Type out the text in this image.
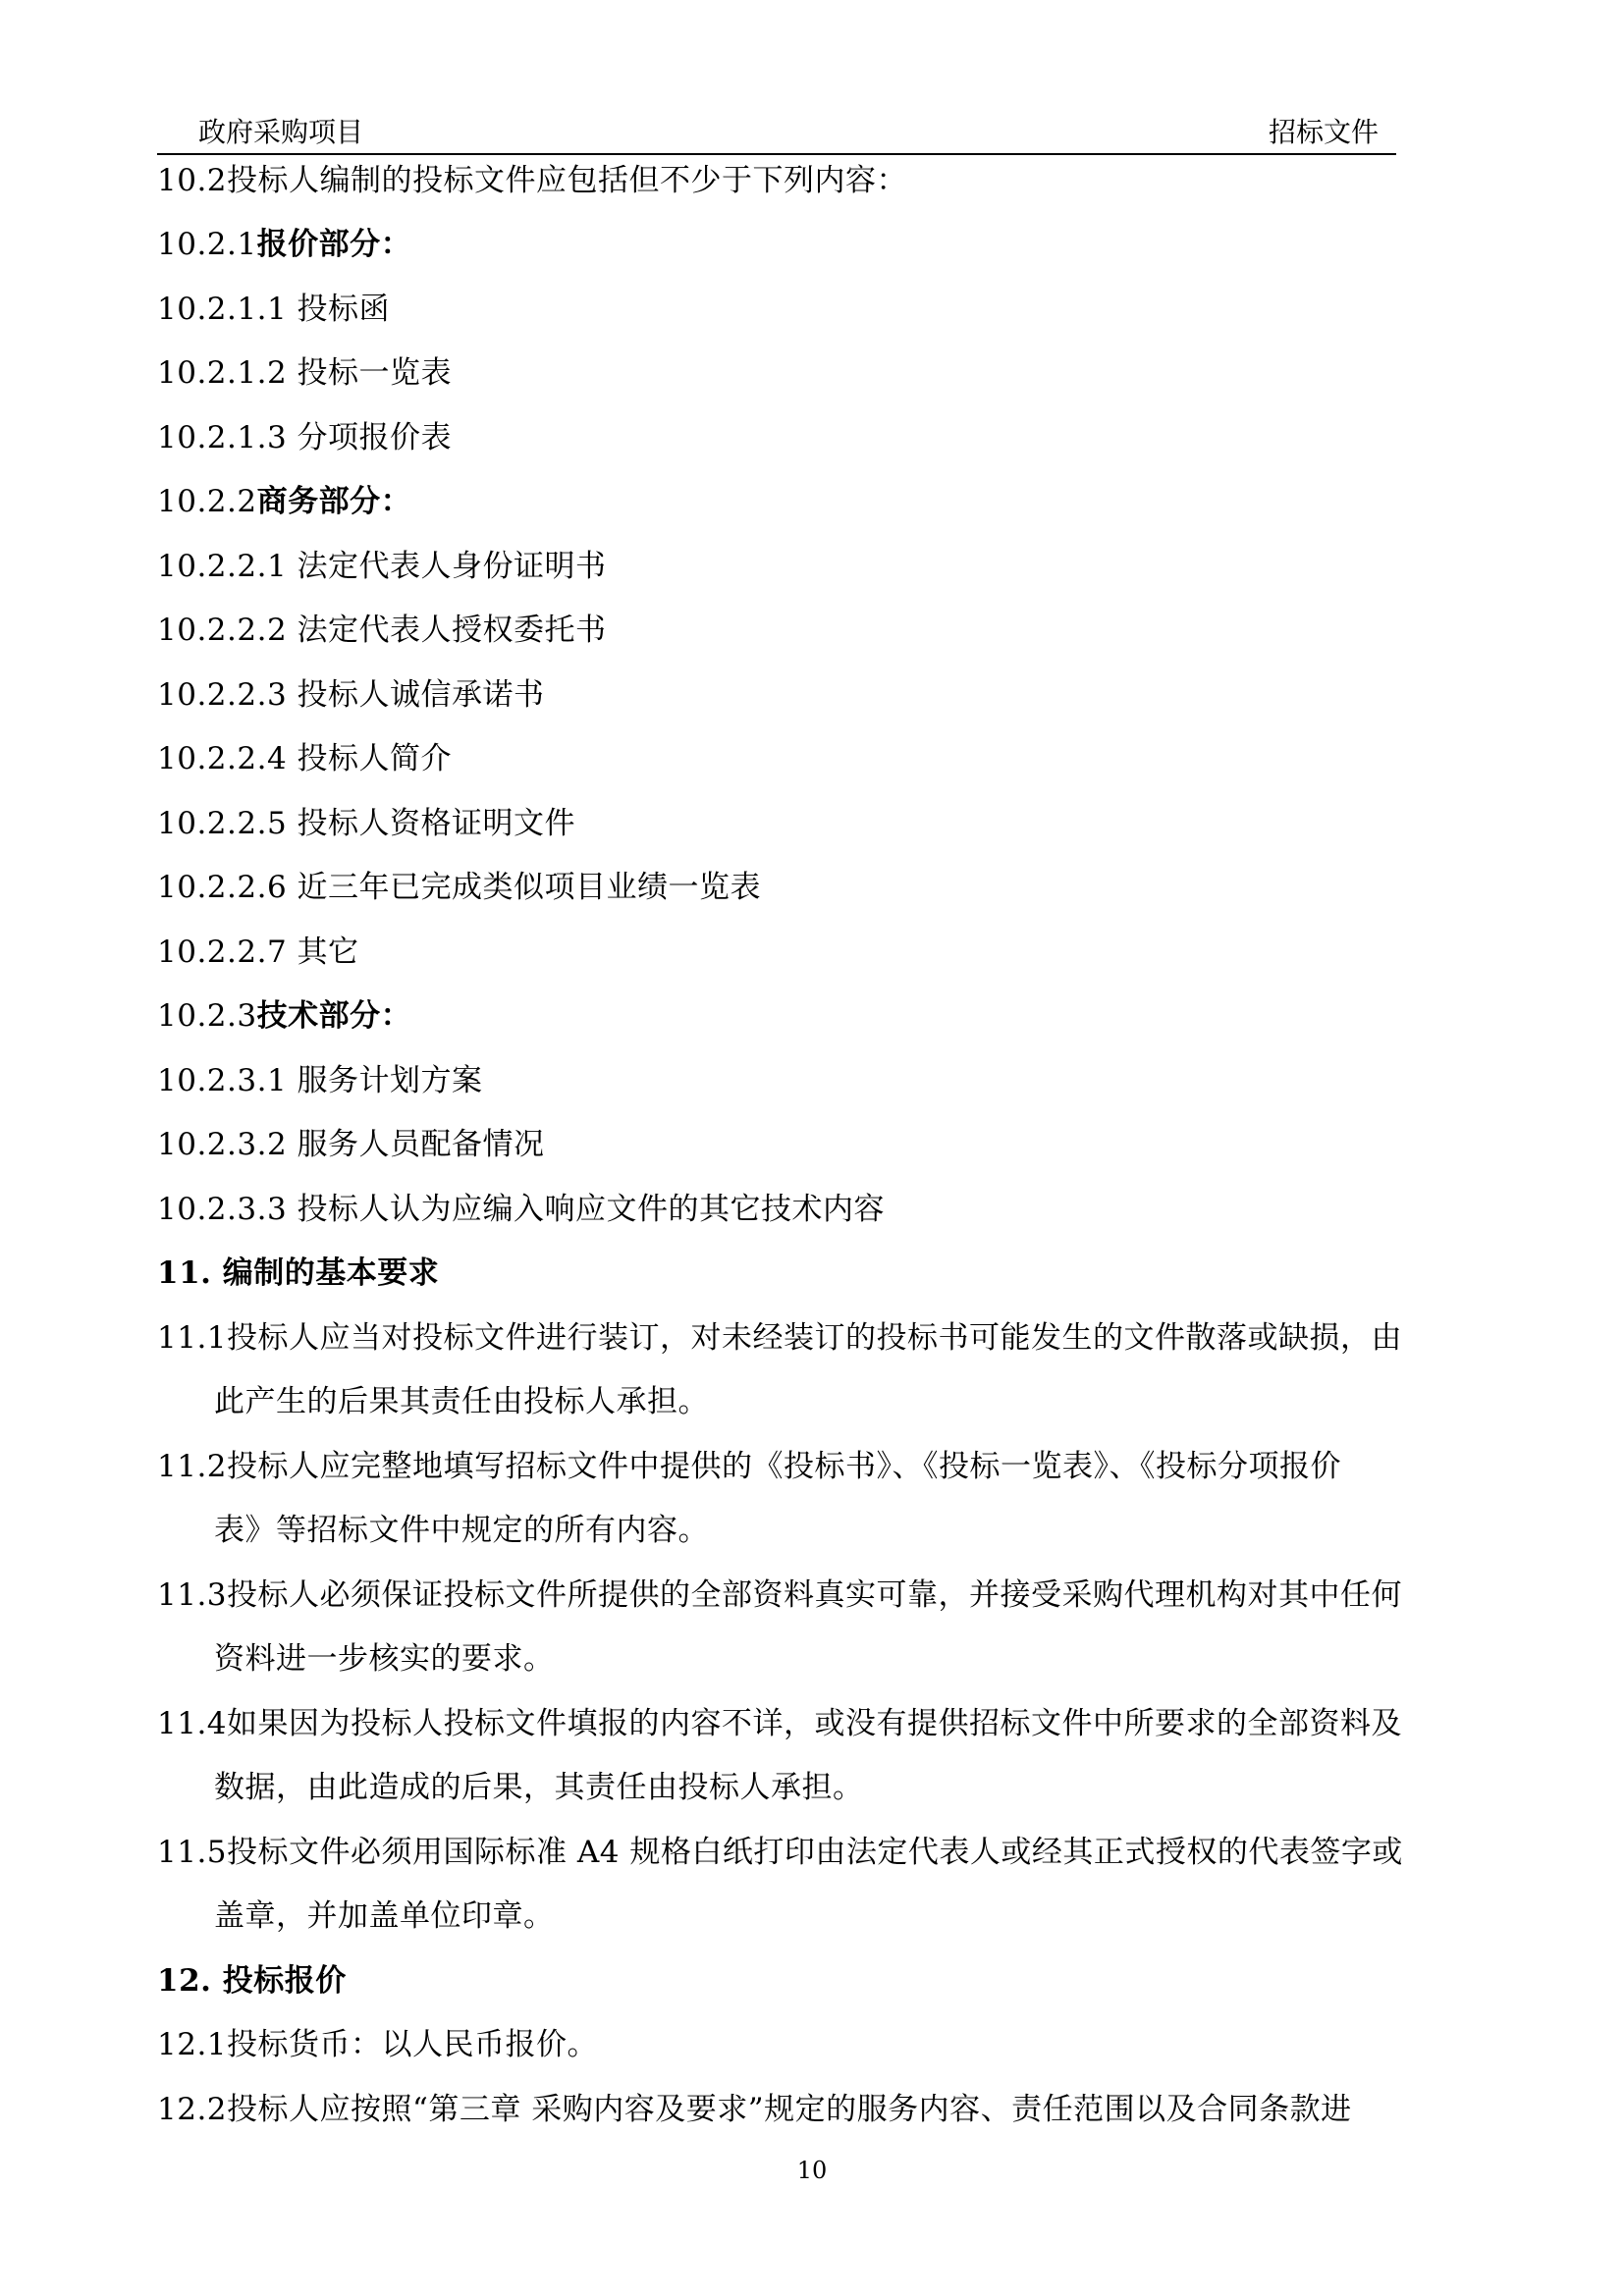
政府采购项目	招标文件
10.2投标人编制的投标文件应包括但不少于下列内容：
10.2.1报价部分：
10.2.1.1 投标函
10.2.1.2 投标一览表
10.2.1.3 分项报价表
10.2.2商务部分：
10.2.2.1 法定代表人身份证明书
10.2.2.2 法定代表人授权委托书
10.2.2.3 投标人诚信承诺书
10.2.2.4 投标人简介
10.2.2.5 投标人资格证明文件
10.2.2.6 近三年已完成类似项目业绩一览表
10.2.2.7 其它
10.2.3技术部分：
10.2.3.1 服务计划方案
10.2.3.2 服务人员配备情况
10.2.3.3 投标人认为应编入响应文件的其它技术内容
11. 编制的基本要求
11.1投标人应当对投标文件进行装订，对未经装订的投标书可能发生的文件散落或缺损，由
此产生的后果其责任由投标人承担。
11.2投标人应完整地填写招标文件中提供的《投标书》、《投标一览表》、《投标分项报价
表》等招标文件中规定的所有内容。
11.3投标人必须保证投标文件所提供的全部资料真实可靠，并接受采购代理机构对其中任何
资料进一步核实的要求。
11.4如果因为投标人投标文件填报的内容不详，或没有提供招标文件中所要求的全部资料及
数据，由此造成的后果，其责任由投标人承担。
11.5投标文件必须用国际标准 A4 规格白纸打印由法定代表人或经其正式授权的代表签字或
盖章，并加盖单位印章。
12. 投标报价
12.1投标货币：以人民币报价。
12.2投标人应按照“第三章 采购内容及要求”规定的服务内容、责任范围以及合同条款进
10
